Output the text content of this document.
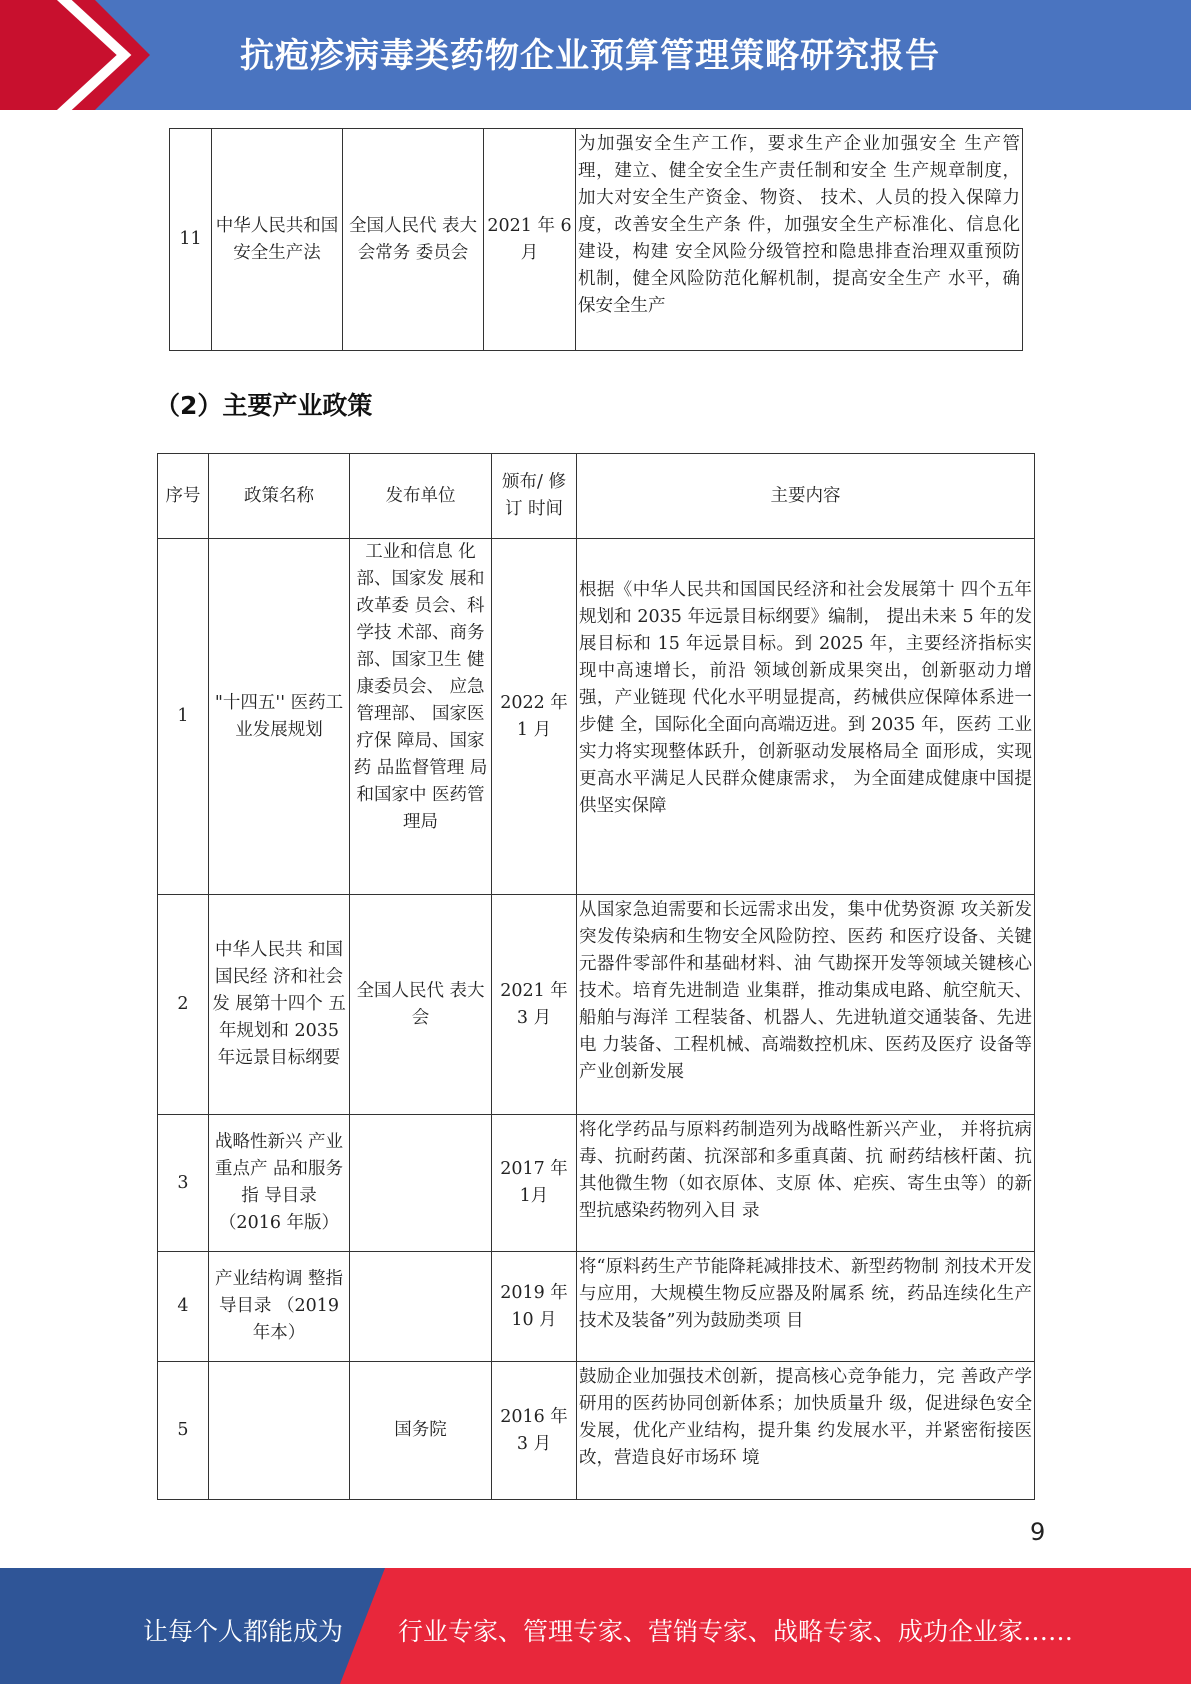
抗疱疹病毒类药物企业预算管理策略研究报告
11	中华人民共和国安全生产法	全国人民代 表大会常务 委员会	2021 年 6月	为加强安全生产工作，要求生产企业加强安全 生产管理，建立、健全安全生产责任制和安全 生产规章制度，加大对安全生产资金、物资、 技术、人员的投入保障力度，改善安全生产条 件，加强安全生产标准化、信息化建设，构建 安全风险分级管控和隐患排查治理双重预防 机制，健全风险防范化解机制，提高安全生产 水平，确保安全生产
（2）主要产业政策
序号	政策名称	发布单位	颁布/ 修订 时间	主要内容
1	"十四五'' 医药工业发展规划	工业和信息 化部、国家发 展和改革委 员会、科学技 术部、商务 部、国家卫生 健康委员会、 应急管理部、 国家医疗保 障局、国家药 品监督管理 局和国家中 医药管理局	2022 年 1 月	根据《中华人民共和国国民经济和社会发展第十 四个五年规划和 2035 年远景目标纲要》编制， 提出未来 5 年的发展目标和 15 年远景目标。到 2025 年，主要经济指标实现中高速增长，前沿 领域创新成果突出，创新驱动力增强，产业链现 代化水平明显提高，药械供应保障体系进一步健 全，国际化全面向高端迈进。到 2035 年，医药 工业实力将实现整体跃升，创新驱动发展格局全 面形成，实现更高水平满足人民群众健康需求， 为全面建成健康中国提供坚实保障
2	中华人民共 和国国民经 济和社会发 展第十四个 五年规划和 2035 年远景目标纲要	全国人民代 表大会	2021 年 3 月	从国家急迫需要和长远需求出发，集中优势资源 攻关新发突发传染病和生物安全风险防控、医药 和医疗设备、关键元器件零部件和基础材料、油 气勘探开发等领域关键核心技术。培育先进制造 业集群，推动集成电路、航空航天、船舶与海洋 工程装备、机器人、先进轨道交通装备、先进电 力装备、工程机械、高端数控机床、医药及医疗 设备等产业创新发展
3	战略性新兴 产业重点产 品和服务指 导目录（2016 年版）		2017 年 1月	将化学药品与原料药制造列为战略性新兴产业， 并将抗病毒、抗耐药菌、抗深部和多重真菌、抗 耐药结核杆菌、抗其他微生物（如衣原体、支原 体、疟疾、寄生虫等）的新型抗感染药物列入目 录
4	产业结构调 整指导目录 （2019 年本）		2019 年 10 月	将“原料药生产节能降耗减排技术、新型药物制 剂技术开发与应用，大规模生物反应器及附属系 统，药品连续化生产技术及装备”列为鼓励类项 目
5		国务院	2016 年 3 月	鼓励企业加强技术创新，提高核心竞争能力，完 善政产学研用的医药协同创新体系；加快质量升 级，促进绿色安全发展，优化产业结构，提升集 约发展水平，并紧密衔接医改，营造良好市场环 境
9
让每个人都能成为 行业专家、管理专家、营销专家、战略专家、成功企业家……
